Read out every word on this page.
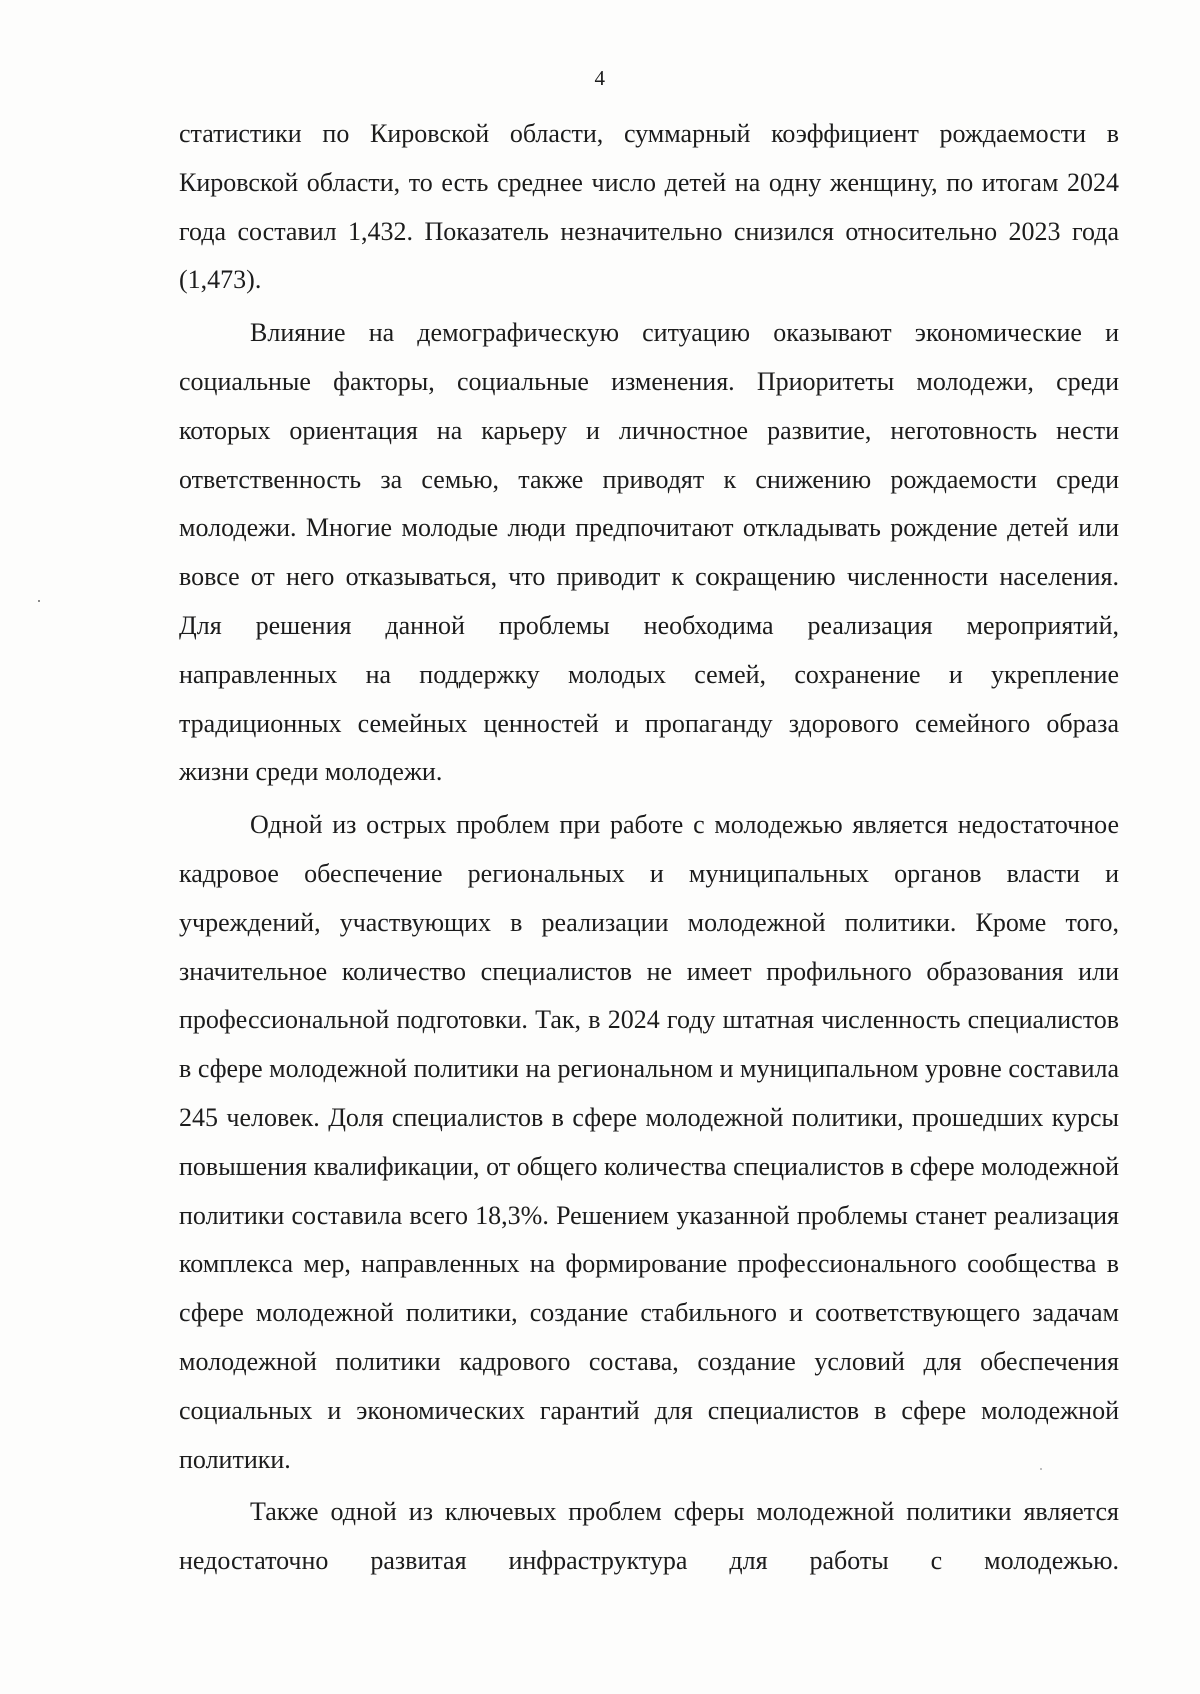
4

статистики по Кировской области, суммарный коэффициент рождаемости в Кировской области, то есть среднее число детей на одну женщину, по итогам 2024 года составил 1,432. Показатель незначительно снизился относительно 2023 года (1,473).

Влияние на демографическую ситуацию оказывают экономические и социальные факторы, социальные изменения. Приоритеты молодежи, среди которых ориентация на карьеру и личностное развитие, неготовность нести ответственность за семью, также приводят к снижению рождаемости среди молодежи. Многие молодые люди предпочитают откладывать рождение детей или вовсе от него отказываться, что приводит к сокращению численности населения. Для решения данной проблемы необходима реализация мероприятий, направленных на поддержку молодых семей, сохранение и укрепление традиционных семейных ценностей и пропаганду здорового семейного образа жизни среди молодежи.

Одной из острых проблем при работе с молодежью является недостаточное кадровое обеспечение региональных и муниципальных органов власти и учреждений, участвующих в реализации молодежной политики. Кроме того, значительное количество специалистов не имеет профильного образования или профессиональной подготовки. Так, в 2024 году штатная численность специалистов в сфере молодежной политики на региональном и муниципальном уровне составила 245 человек. Доля специалистов в сфере молодежной политики, прошедших курсы повышения квалификации, от общего количества специалистов в сфере молодежной политики составила всего 18,3%. Решением указанной проблемы станет реализация комплекса мер, направленных на формирование профессионального сообщества в сфере молодежной политики, создание стабильного и соответствующего задачам молодежной политики кадрового состава, создание условий для обеспечения социальных и экономических гарантий для специалистов в сфере молодежной политики.

Также одной из ключевых проблем сферы молодежной политики является недостаточно развитая инфраструктура для работы с молодежью.
